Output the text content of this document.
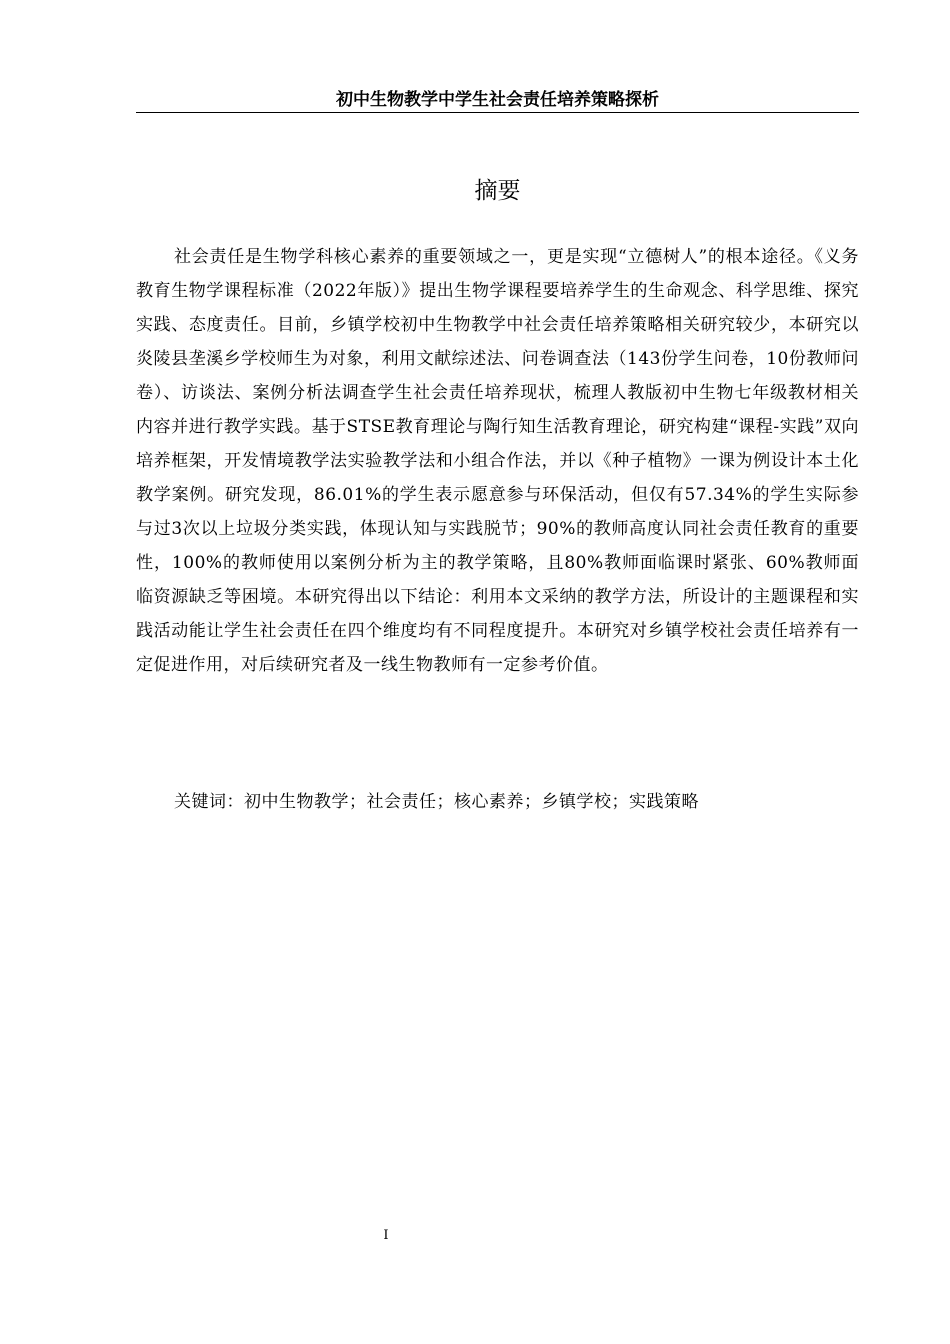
初中生物教学中学生社会责任培养策略探析
摘要

社会责任是生物学科核心素养的重要领域之一，更是实现“立德树人”的根本途径。《义务教育生物学课程标准（2022年版）》提出生物学课程要培养学生的生命观念、科学思维、探究实践、态度责任。目前，乡镇学校初中生物教学中社会责任培养策略相关研究较少，本研究以炎陵县垄溪乡学校师生为对象，利用文献综述法、问卷调查法（143份学生问卷，10份教师问卷）、访谈法、案例分析法调查学生社会责任培养现状，梳理人教版初中生物七年级教材相关内容并进行教学实践。基于STSE教育理论与陶行知生活教育理论，研究构建“课程-实践”双向培养框架，开发情境教学法实验教学法和小组合作法，并以《种子植物》一课为例设计本土化教学案例。研究发现，86.01%的学生表示愿意参与环保活动，但仅有57.34%的学生实际参与过3次以上垃圾分类实践，体现认知与实践脱节；90%的教师高度认同社会责任教育的重要性，100%的教师使用以案例分析为主的教学策略，且80%教师面临课时紧张、60%教师面临资源缺乏等困境。本研究得出以下结论：利用本文采纳的教学方法，所设计的主题课程和实践活动能让学生社会责任在四个维度均有不同程度提升。本研究对乡镇学校社会责任培养有一定促进作用，对后续研究者及一线生物教师有一定参考价值。

关键词：初中生物教学；社会责任；核心素养；乡镇学校；实践策略

I
